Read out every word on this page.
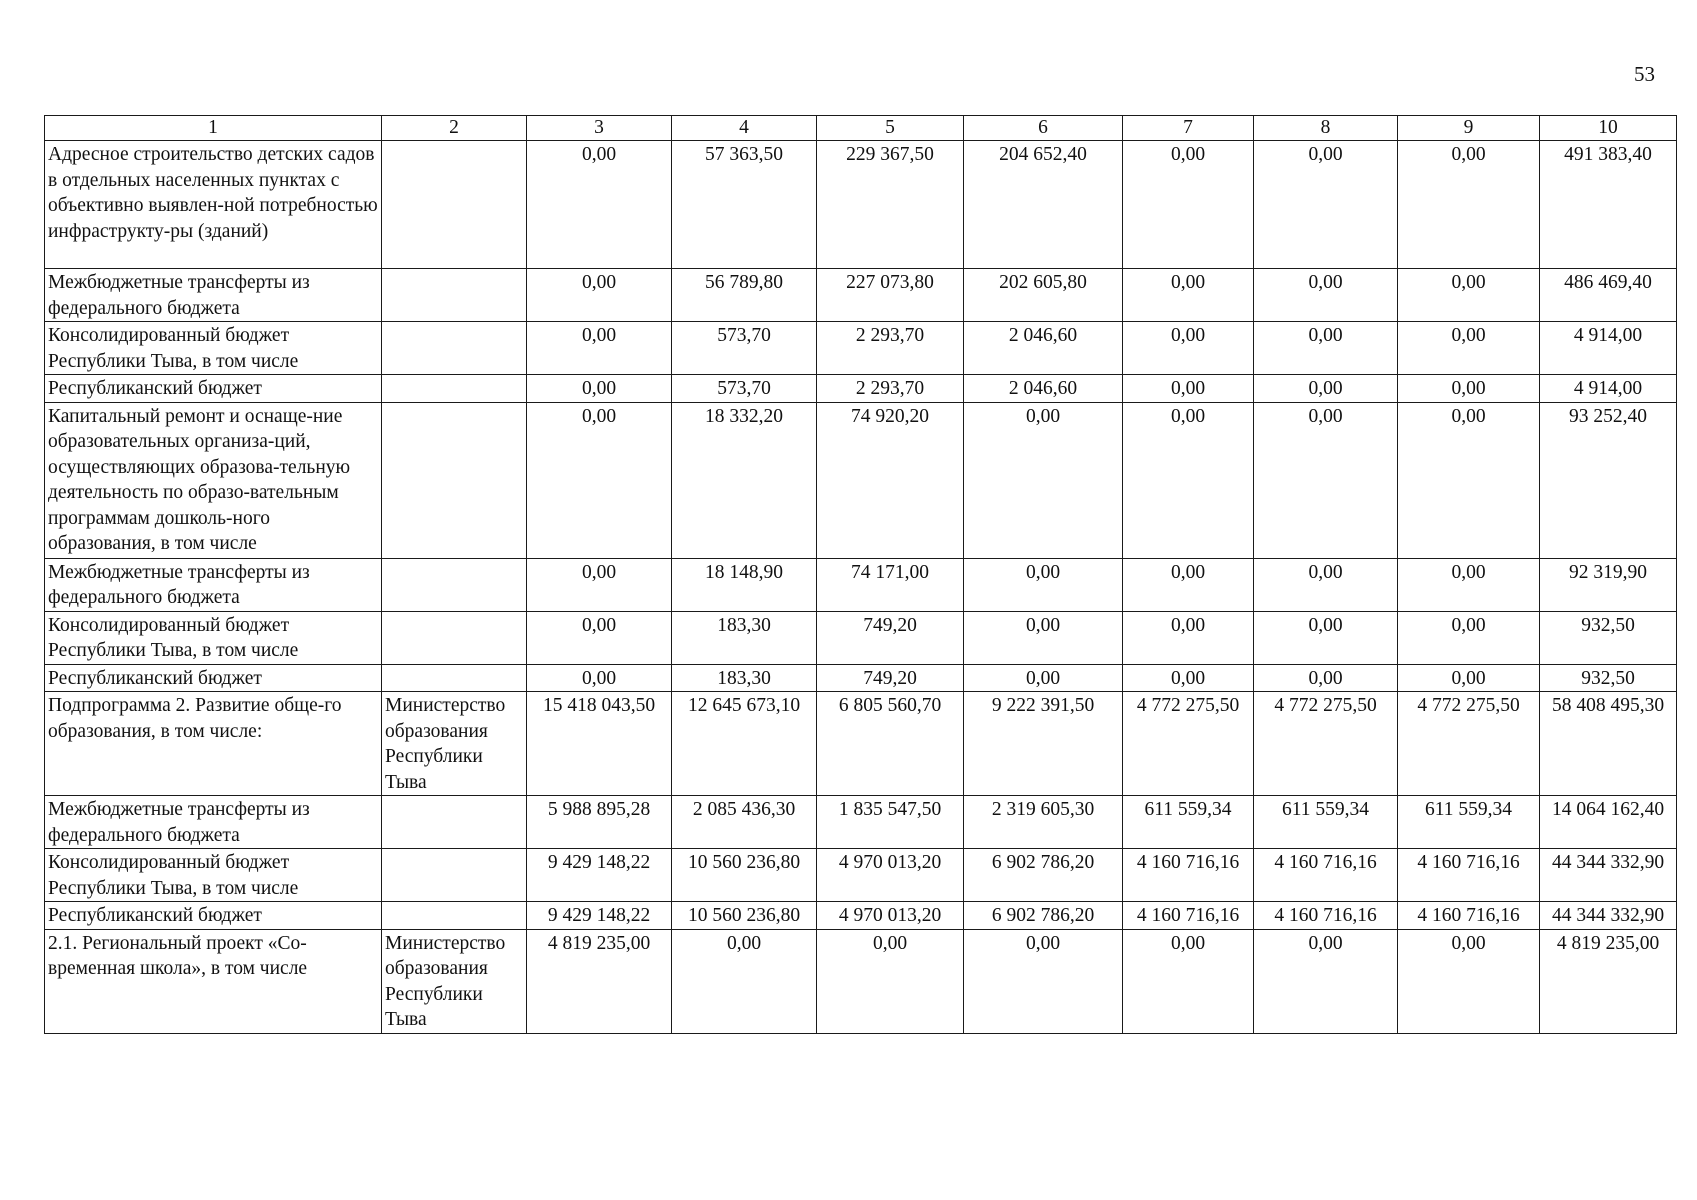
53
1	2	3	4	5	6	7	8	9	10
Адресное строительство детских садов в отдельных населенных пунктах с объективно выявлен-ной потребностью инфраструкту-ры (зданий)		0,00	57 363,50	229 367,50	204 652,40	0,00	0,00	0,00	491 383,40
Межбюджетные трансферты из федерального бюджета		0,00	56 789,80	227 073,80	202 605,80	0,00	0,00	0,00	486 469,40
Консолидированный бюджет Республики Тыва, в том числе		0,00	573,70	2 293,70	2 046,60	0,00	0,00	0,00	4 914,00
Республиканский бюджет		0,00	573,70	2 293,70	2 046,60	0,00	0,00	0,00	4 914,00
Капитальный ремонт и оснаще-ние образовательных организа-ций, осуществляющих образова-тельную деятельность по образо-вательным программам дошколь-ного образования, в том числе		0,00	18 332,20	74 920,20	0,00	0,00	0,00	0,00	93 252,40
Межбюджетные трансферты из федерального бюджета		0,00	18 148,90	74 171,00	0,00	0,00	0,00	0,00	92 319,90
Консолидированный бюджет Республики Тыва, в том числе		0,00	183,30	749,20	0,00	0,00	0,00	0,00	932,50
Республиканский бюджет		0,00	183,30	749,20	0,00	0,00	0,00	0,00	932,50
Подпрограмма 2. Развитие обще-го образования, в том числе:	Министерство образования Республики Тыва	15 418 043,50	12 645 673,10	6 805 560,70	9 222 391,50	4 772 275,50	4 772 275,50	4 772 275,50	58 408 495,30
Межбюджетные трансферты из федерального бюджета		5 988 895,28	2 085 436,30	1 835 547,50	2 319 605,30	611 559,34	611 559,34	611 559,34	14 064 162,40
Консолидированный бюджет Республики Тыва, в том числе		9 429 148,22	10 560 236,80	4 970 013,20	6 902 786,20	4 160 716,16	4 160 716,16	4 160 716,16	44 344 332,90
Республиканский бюджет		9 429 148,22	10 560 236,80	4 970 013,20	6 902 786,20	4 160 716,16	4 160 716,16	4 160 716,16	44 344 332,90
2.1. Региональный проект «Со-временная школа», в том числе	Министерство образования Республики Тыва	4 819 235,00	0,00	0,00	0,00	0,00	0,00	0,00	4 819 235,00
